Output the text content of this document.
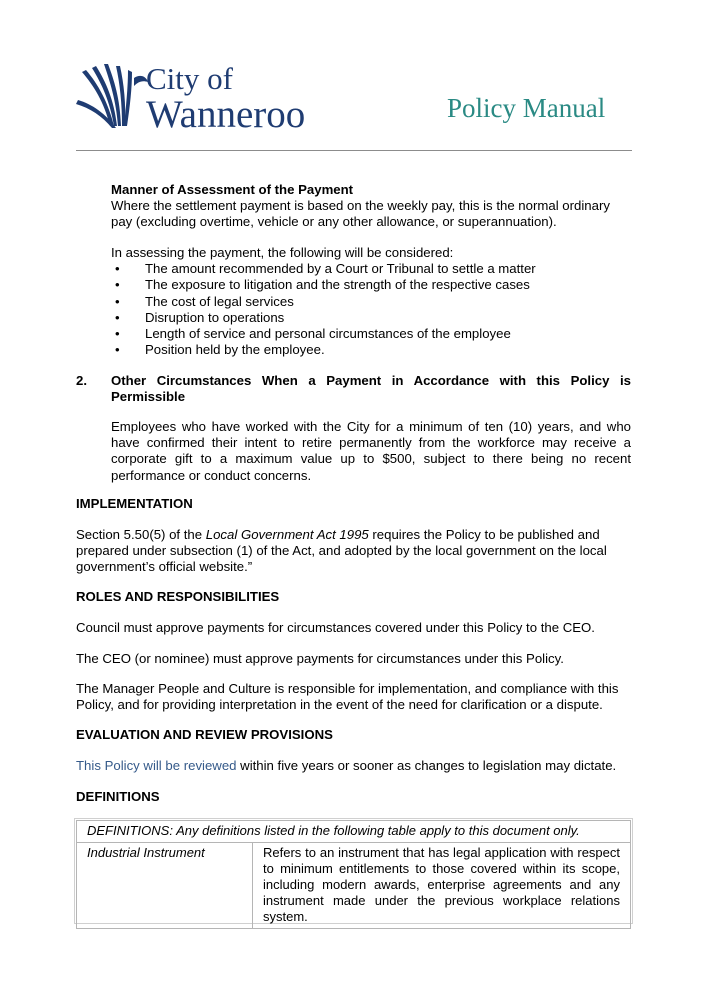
City of
Wanneroo	Policy Manual
Manner of Assessment of the Payment
Where the settlement payment is based on the weekly pay, this is the normal ordinary pay (excluding overtime, vehicle or any other allowance, or superannuation).
In assessing the payment, the following will be considered:
•	The amount recommended by a Court or Tribunal to settle a matter
•	The exposure to litigation and the strength of the respective cases
•	The cost of legal services
•	Disruption to operations
•	Length of service and personal circumstances of the employee
•	Position held by the employee.
2. Other Circumstances When a Payment in Accordance with this Policy is Permissible
Employees who have worked with the City for a minimum of ten (10) years, and who have confirmed their intent to retire permanently from the workforce may receive a corporate gift to a maximum value up to $500, subject to there being no recent performance or conduct concerns.
IMPLEMENTATION
Section 5.50(5) of the Local Government Act 1995 requires the Policy to be published and prepared under subsection (1) of the Act, and adopted by the local government on the local government’s official website.”
ROLES AND RESPONSIBILITIES
Council must approve payments for circumstances covered under this Policy to the CEO.
The CEO (or nominee) must approve payments for circumstances under this Policy.
The Manager People and Culture is responsible for implementation, and compliance with this Policy, and for providing interpretation in the event of the need for clarification or a dispute.
EVALUATION AND REVIEW PROVISIONS
This Policy will be reviewed within five years or sooner as changes to legislation may dictate.
DEFINITIONS
DEFINITIONS: Any definitions listed in the following table apply to this document only.
Industrial Instrument	Refers to an instrument that has legal application with respect to minimum entitlements to those covered within its scope, including modern awards, enterprise agreements and any instrument made under the previous workplace relations system.
